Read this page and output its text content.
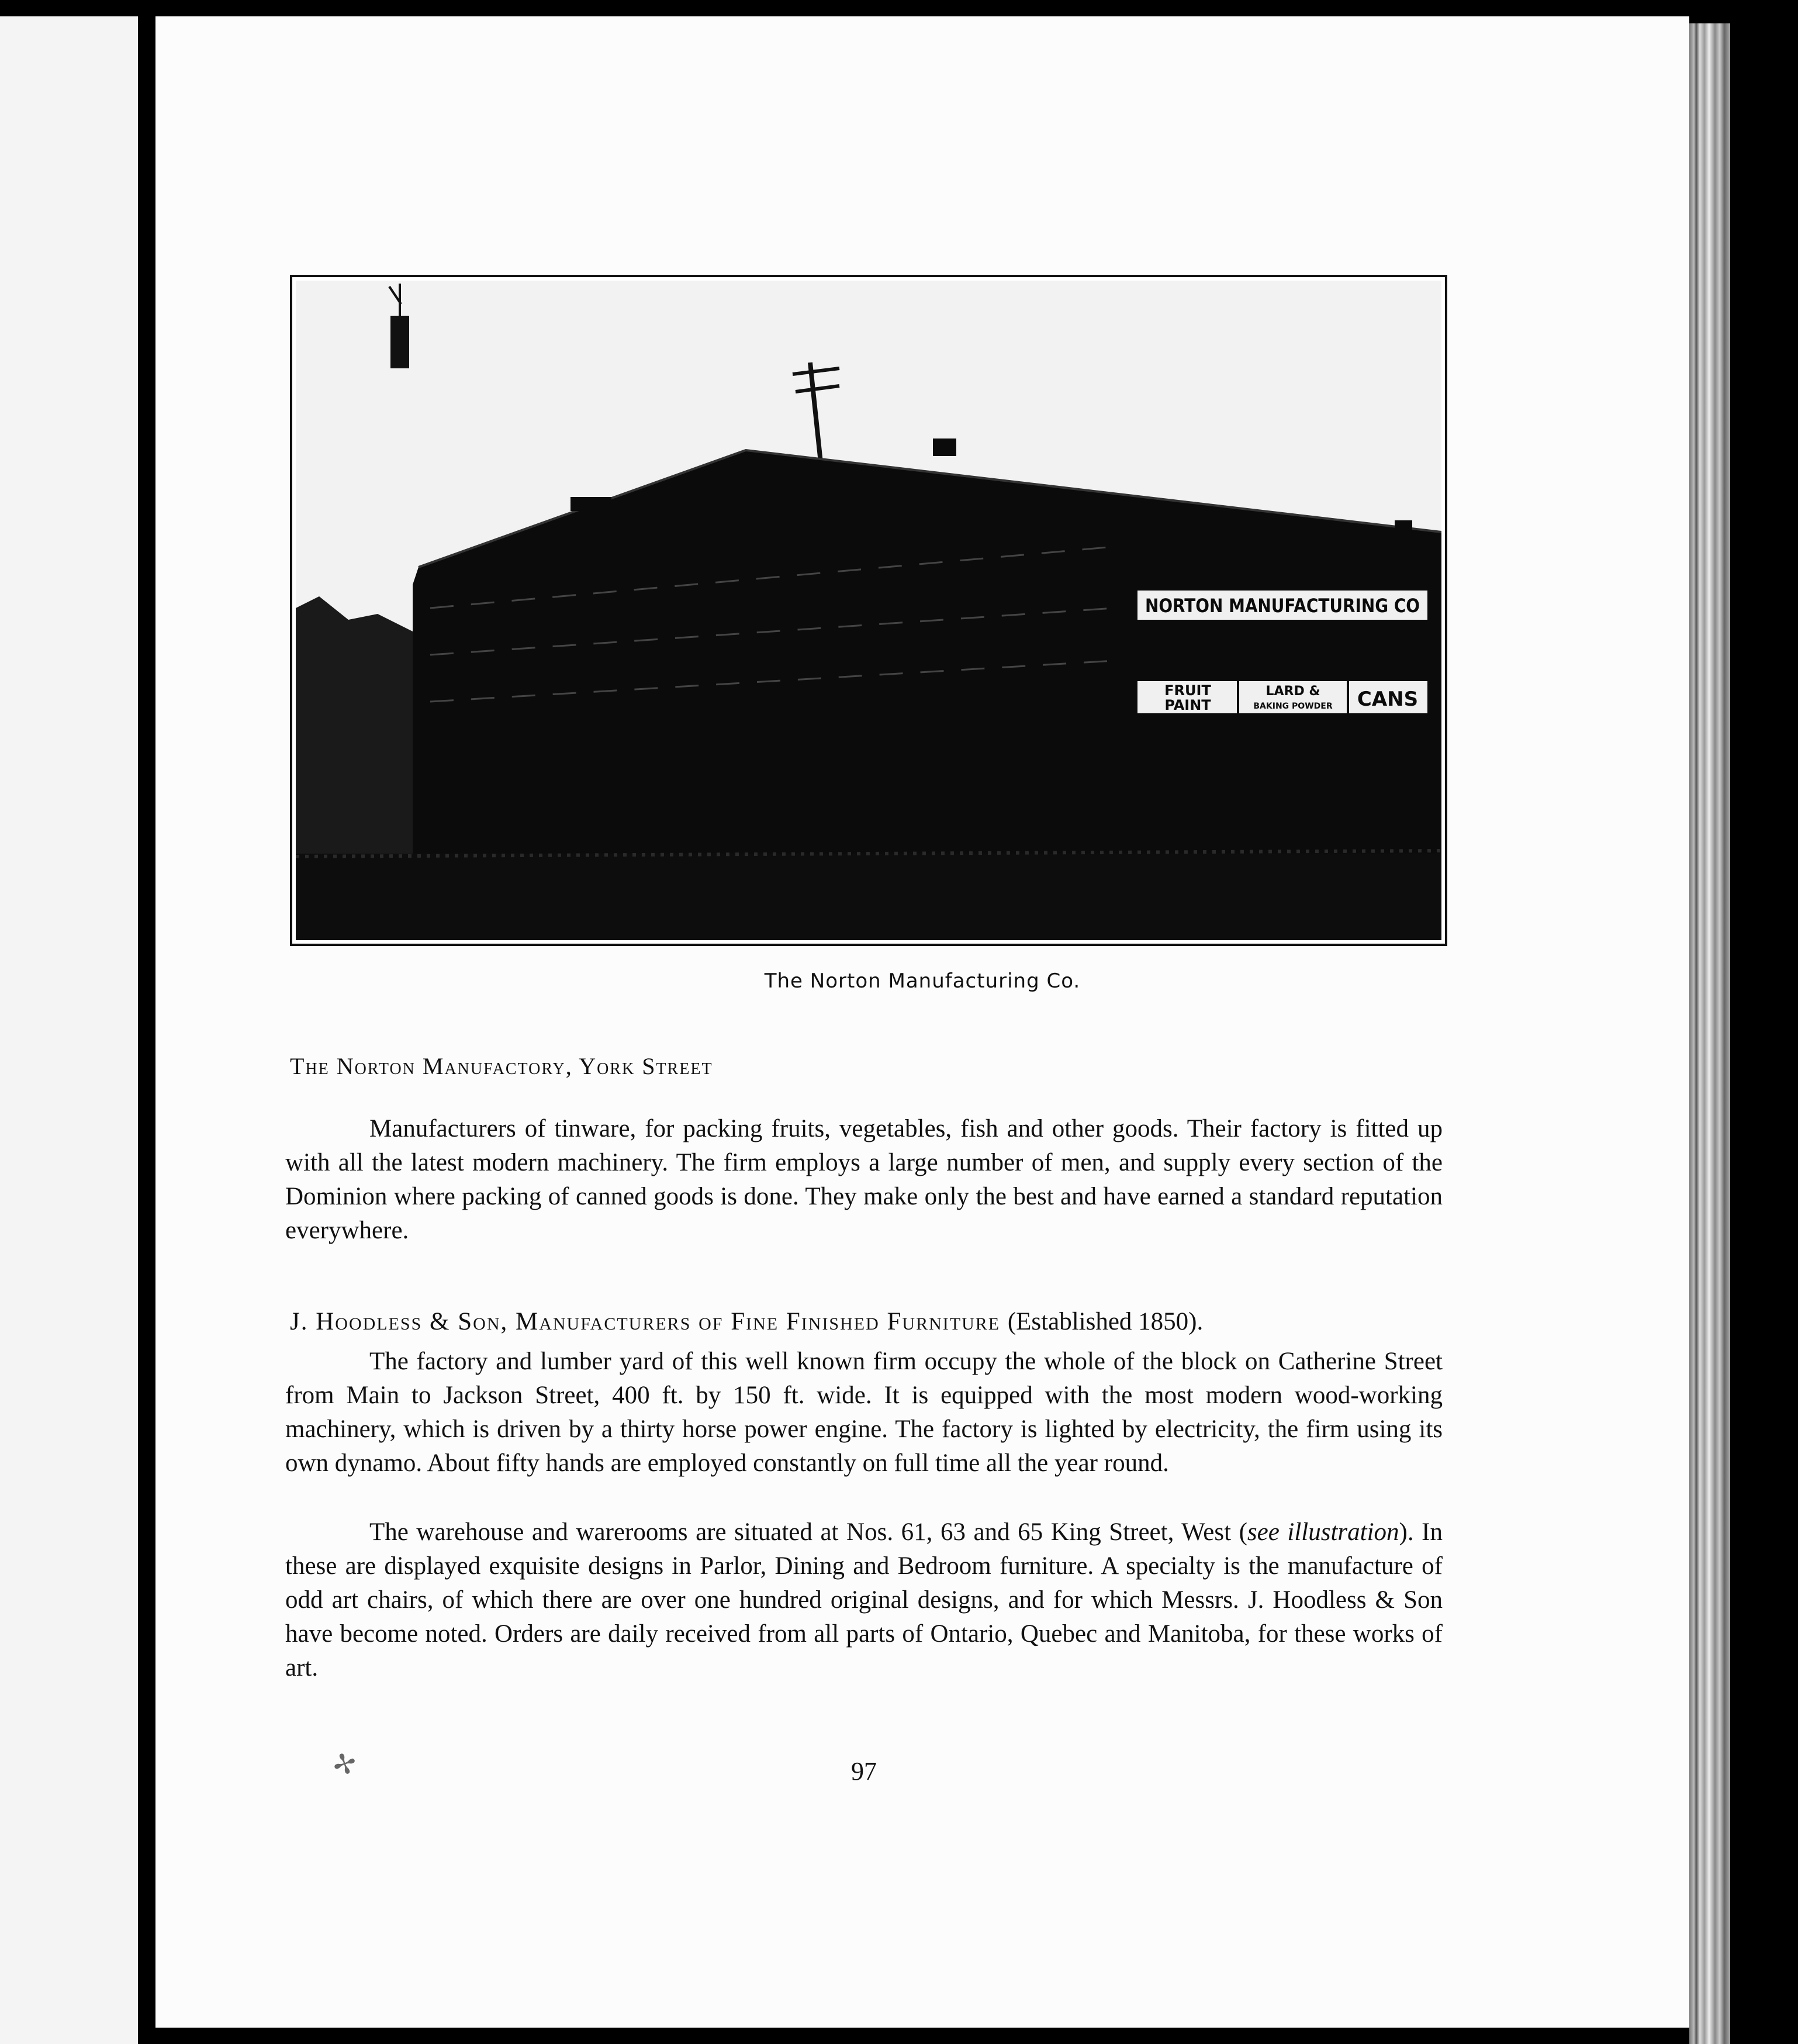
NORTON MANUFACTURING CO
FRUIT
PAINT
LARD &
BAKING POWDER CANS
The Norton Manufacturing Co.
The Norton Manufactory, York Street

Manufacturers of tinware, for packing fruits, vegetables, fish and other goods. Their factory is fitted up with all the latest modern machinery. The firm employs a large number of men, and supply every section of the Dominion where packing of canned goods is done. They make only the best and have earned a standard reputation everywhere.

J. Hoodless & Son, Manufacturers of Fine Finished Furniture (Established 1850).

The factory and lumber yard of this well known firm occupy the whole of the block on Catherine Street from Main to Jackson Street, 400 ft. by 150 ft. wide. It is equipped with the most modern wood-working machinery, which is driven by a thirty horse power engine. The factory is lighted by electricity, the firm using its own dynamo. About fifty hands are employed constantly on full time all the year round.

The warehouse and warerooms are situated at Nos. 61, 63 and 65 King Street, West (see illustration). In these are displayed exquisite designs in Parlor, Dining and Bedroom furniture. A specialty is the manufacture of odd art chairs, of which there are over one hundred original designs, and for which Messrs. J. Hoodless & Son have become noted. Orders are daily received from all parts of Ontario, Quebec and Manitoba, for these works of art.

✢	97
